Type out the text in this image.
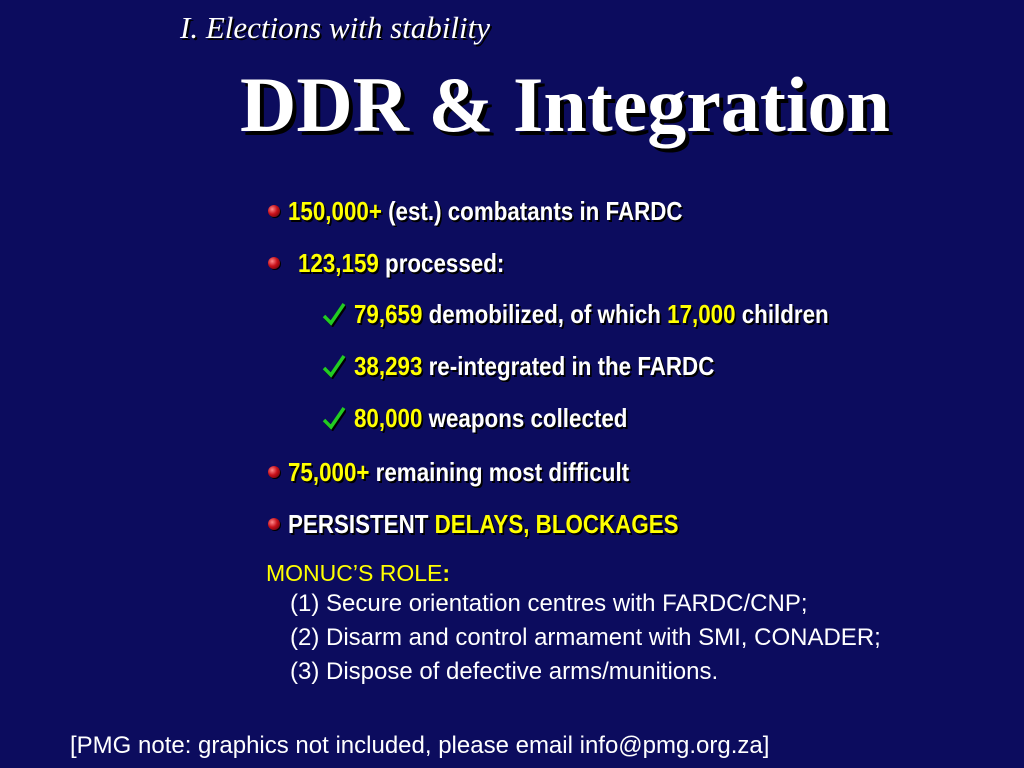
I. Elections with stability
DDR & Integration
150,000+ (est.) combatants in FARDC
123,159 processed:
79,659 demobilized, of which 17,000 children
38,293 re-integrated in the FARDC
80,000 weapons collected
75,000+ remaining most difficult
PERSISTENT DELAYS, BLOCKAGES
MONUC’S ROLE:
(1) Secure orientation centres with FARDC/CNP;
(2) Disarm and control armament with SMI, CONADER;
(3) Dispose of defective arms/munitions.
[PMG note: graphics not included, please email info@pmg.org.za]
